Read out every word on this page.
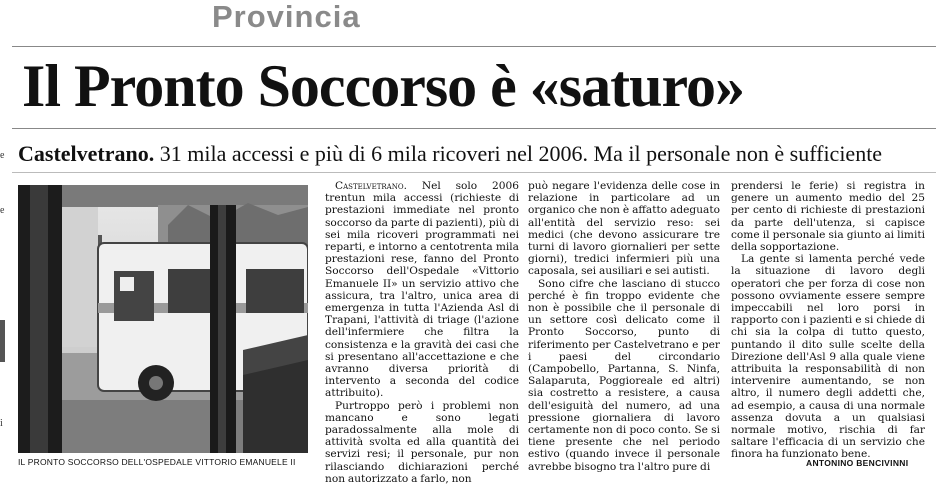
Provincia
Il Pronto Soccorso è «saturo»
Castelvetrano. 31 mila accessi e più di 6 mila ricoveri nel 2006. Ma il personale non è sufficiente
e
e
i
IL PRONTO SOCCORSO DELL'OSPEDALE VITTORIO EMANUELE II

Castelvetrano. Nel solo 2006 trentun mila accessi (richieste di prestazioni immediate nel pronto soccorso da parte di pazienti), più di sei mila ricoveri programmati nei reparti, e intorno a centotrenta mila prestazioni rese, fanno del Pronto Soccorso dell'Ospedale «Vittorio Emanuele II» un servizio attivo che assicura, tra l'altro, unica area di emergenza in tutta l'Azienda Asl di Trapani, l'attività di triage (l'azione dell'infermiere che filtra la consistenza e la gravità dei casi che si presentano all'accettazione e che avranno diversa priorità di intervento a seconda del codice attribuito).

Purtroppo però i problemi non mancano e sono legati paradossalmente alla mole di attività svolta ed alla quantità dei servizi resi; il personale, pur non rilasciando dichiarazioni perché non autorizzato a farlo, non

può negare l'evidenza delle cose in relazione in particolare ad un organico che non è affatto adeguato all'entità del servizio reso: sei medici (che devono assicurare tre turni di lavoro giornalieri per sette giorni), tredici infermieri più una caposala, sei ausiliari e sei autisti.

Sono cifre che lasciano di stucco perché è fin troppo evidente che non è possibile che il personale di un settore così delicato come il Pronto Soccorso, punto di riferimento per Castelvetrano e per i paesi del circondario (Campobello, Partanna, S. Ninfa, Salaparuta, Poggioreale ed altri) sia costretto a resistere, a causa dell'esiguità del numero, ad una pressione giornaliera di lavoro certamente non di poco conto. Se si tiene presente che nel periodo estivo (quando invece il personale avrebbe bisogno tra l'altro pure di

prendersi le ferie) si registra in genere un aumento medio del 25 per cento di richieste di prestazioni da parte dell'utenza, si capisce come il personale sia giunto ai limiti della sopportazione.

La gente si lamenta perché vede la situazione di lavoro degli operatori che per forza di cose non possono ovviamente essere sempre impeccabili nel loro porsi in rapporto con i pazienti e si chiede di chi sia la colpa di tutto questo, puntando il dito sulle scelte della Direzione dell'Asl 9 alla quale viene attribuita la responsabilità di non intervenire aumentando, se non altro, il numero degli addetti che, ad esempio, a causa di una normale assenza dovuta a un qualsiasi normale motivo, rischia di far saltare l'efficacia di un servizio che finora ha funzionato bene.

ANTONINO BENCIVINNI
